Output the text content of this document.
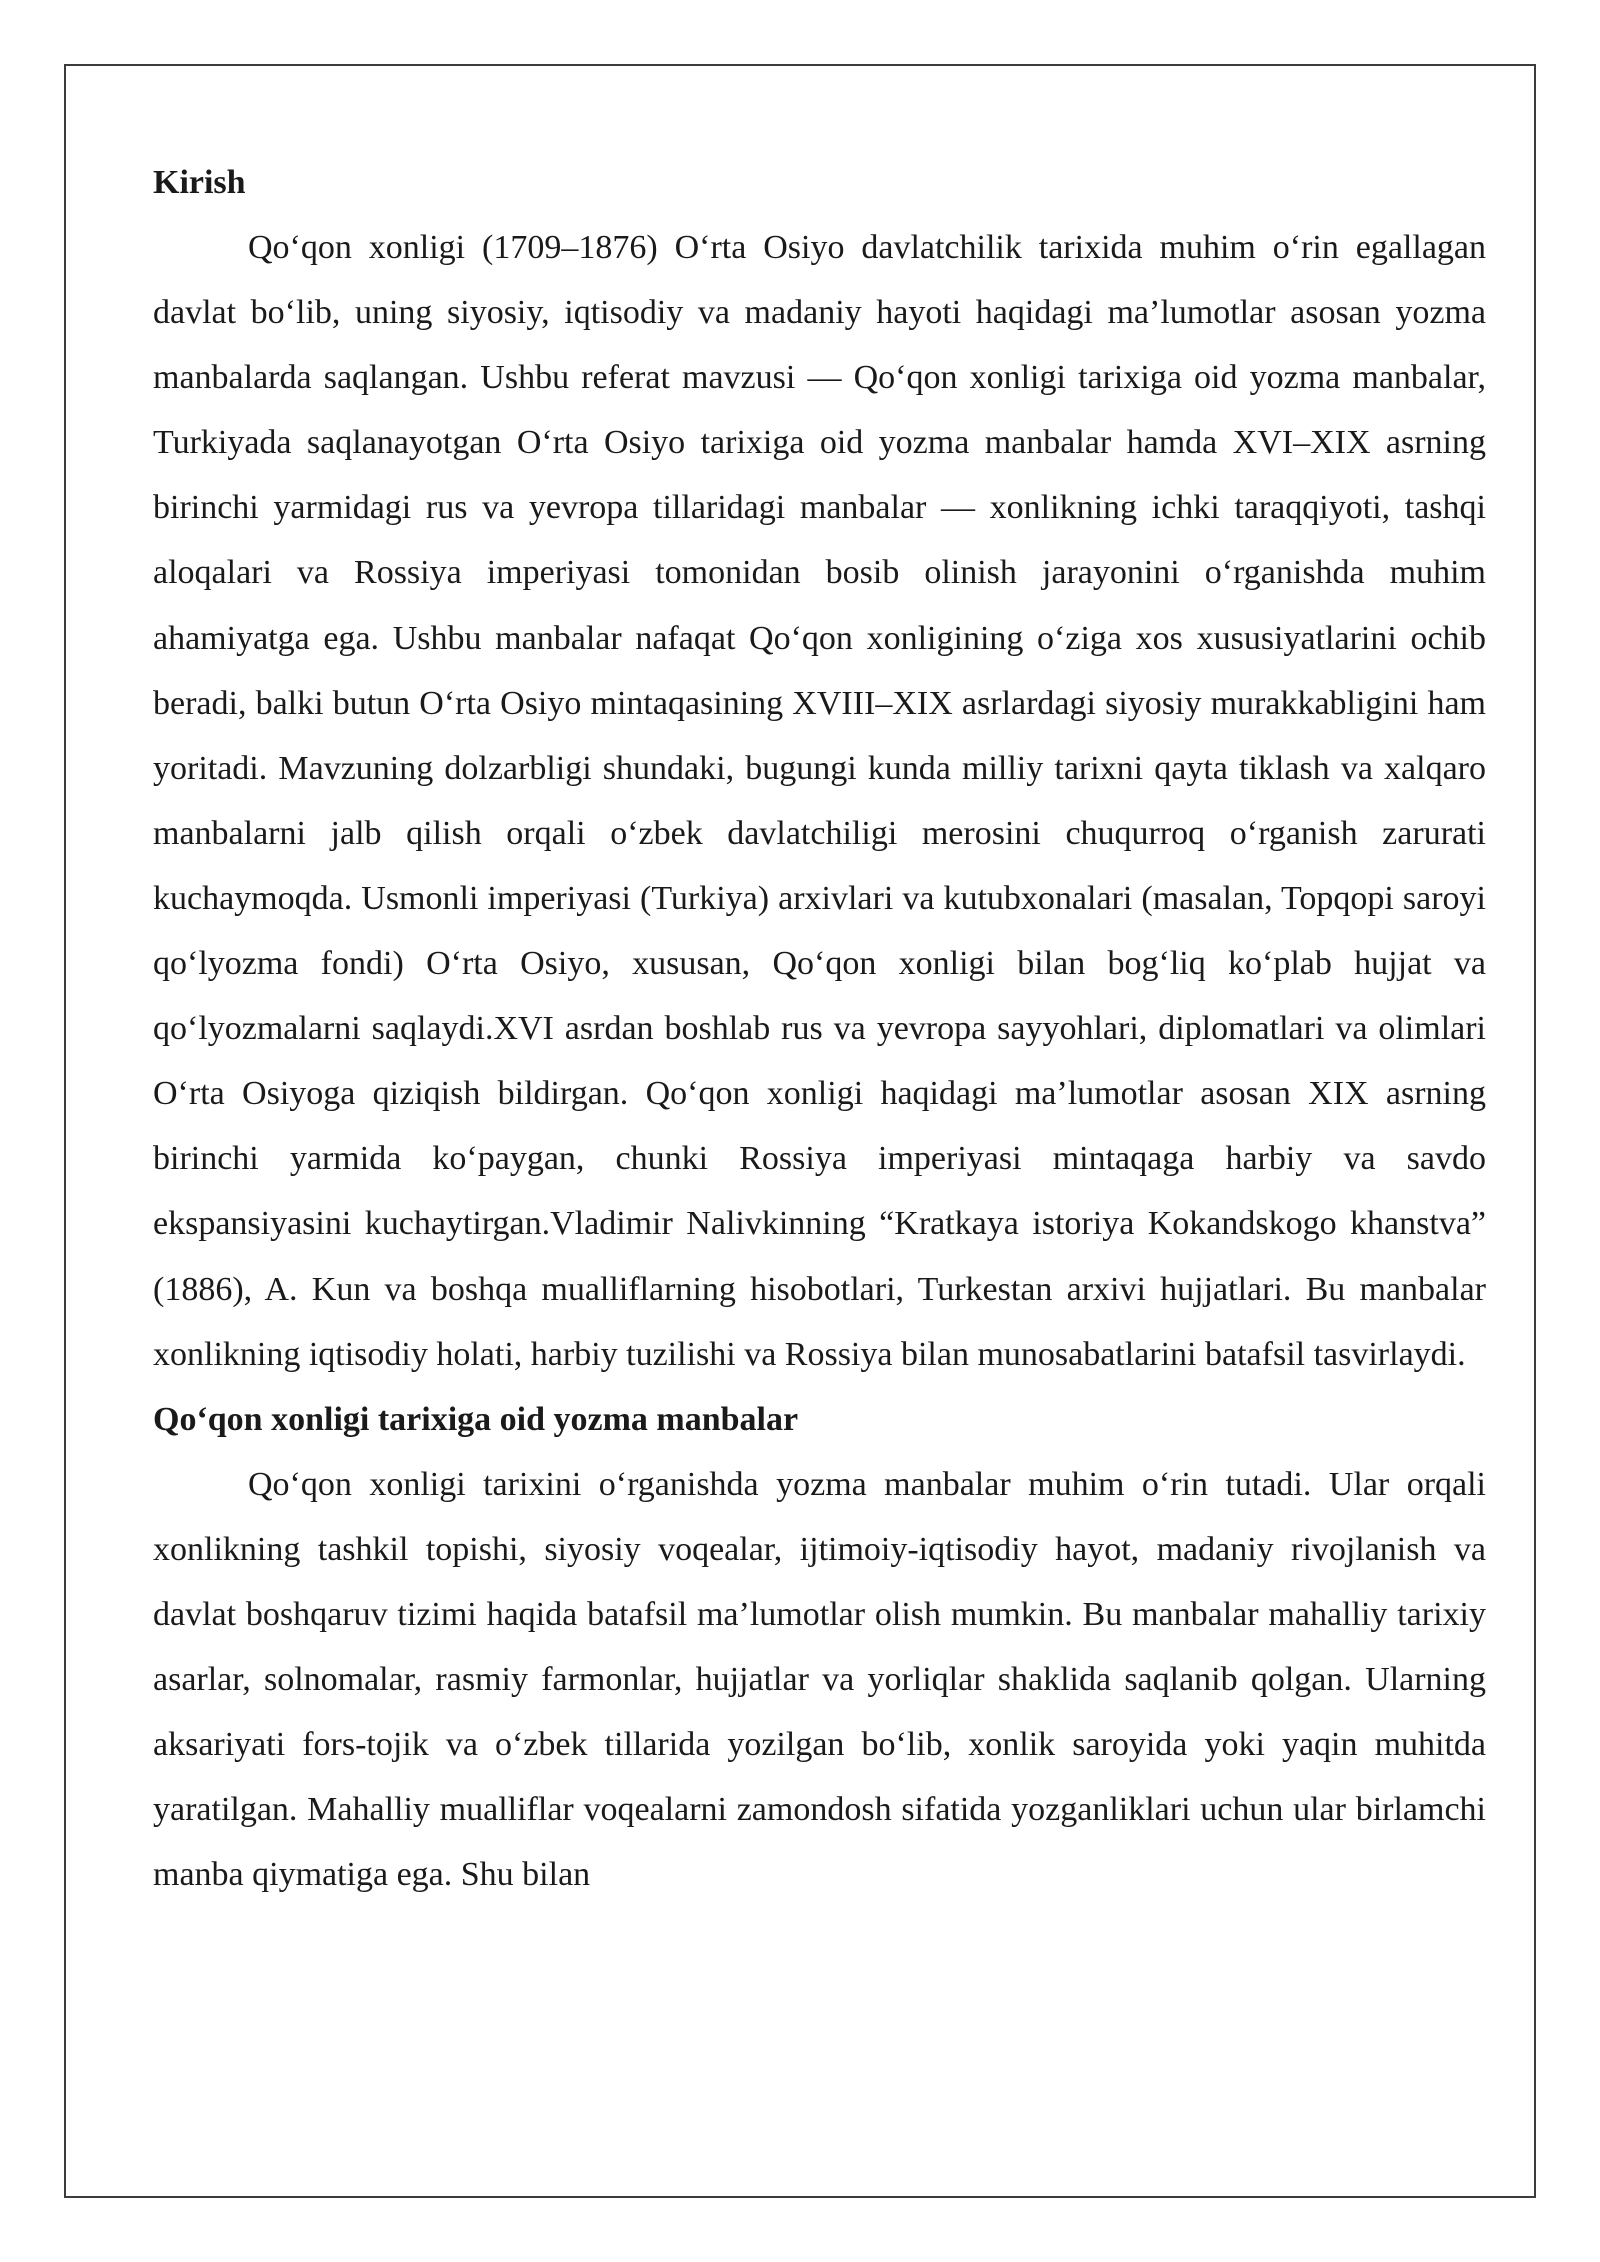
Kirish

Qo‘qon xonligi (1709–1876) O‘rta Osiyo davlatchilik tarixida muhim o‘rin egallagan davlat bo‘lib, uning siyosiy, iqtisodiy va madaniy hayoti haqidagi ma’lumotlar asosan yozma manbalarda saqlangan. Ushbu referat mavzusi — Qo‘qon xonligi tarixiga oid yozma manbalar, Turkiyada saqlanayotgan O‘rta Osiyo tarixiga oid yozma manbalar hamda XVI–XIX asrning birinchi yarmidagi rus va yevropa tillaridagi manbalar — xonlikning ichki taraqqiyoti, tashqi aloqalari va Rossiya imperiyasi tomonidan bosib olinish jarayonini o‘rganishda muhim ahamiyatga ega. Ushbu manbalar nafaqat Qo‘qon xonligining o‘ziga xos xususiyatlarini ochib beradi, balki butun O‘rta Osiyo mintaqasining XVIII–XIX asrlardagi siyosiy murakkabligini ham yoritadi. Mavzuning dolzarbligi shundaki, bugungi kunda milliy tarixni qayta tiklash va xalqaro manbalarni jalb qilish orqali o‘zbek davlatchiligi merosini chuqurroq o‘rganish zarurati kuchaymoqda. Usmonli imperiyasi (Turkiya) arxivlari va kutubxonalari (masalan, Topqopi saroyi qo‘lyozma fondi) O‘rta Osiyo, xususan, Qo‘qon xonligi bilan bog‘liq ko‘plab hujjat va qo‘lyozmalarni saqlaydi.XVI asrdan boshlab rus va yevropa sayyohlari, diplomatlari va olimlari O‘rta Osiyoga qiziqish bildirgan. Qo‘qon xonligi haqidagi ma’lumotlar asosan XIX asrning birinchi yarmida ko‘paygan, chunki Rossiya imperiyasi mintaqaga harbiy va savdo ekspansiyasini kuchaytirgan.Vladimir Nalivkinning “Kratkaya istoriya Kokandskogo khanstva” (1886), A. Kun va boshqa mualliflarning hisobotlari, Turkestan arxivi hujjatlari. Bu manbalar xonlikning iqtisodiy holati, harbiy tuzilishi va Rossiya bilan munosabatlarini batafsil tasvirlaydi.

Qo‘qon xonligi tarixiga oid yozma manbalar

Qo‘qon xonligi tarixini o‘rganishda yozma manbalar muhim o‘rin tutadi. Ular orqali xonlikning tashkil topishi, siyosiy voqealar, ijtimoiy-iqtisodiy hayot, madaniy rivojlanish va davlat boshqaruv tizimi haqida batafsil ma’lumotlar olish mumkin. Bu manbalar mahalliy tarixiy asarlar, solnomalar, rasmiy farmonlar, hujjatlar va yorliqlar shaklida saqlanib qolgan. Ularning aksariyati fors-tojik va o‘zbek tillarida yozilgan bo‘lib, xonlik saroyida yoki yaqin muhitda yaratilgan. Mahalliy mualliflar voqealarni zamondosh sifatida yozganliklari uchun ular birlamchi manba qiymatiga ega. Shu bilan
